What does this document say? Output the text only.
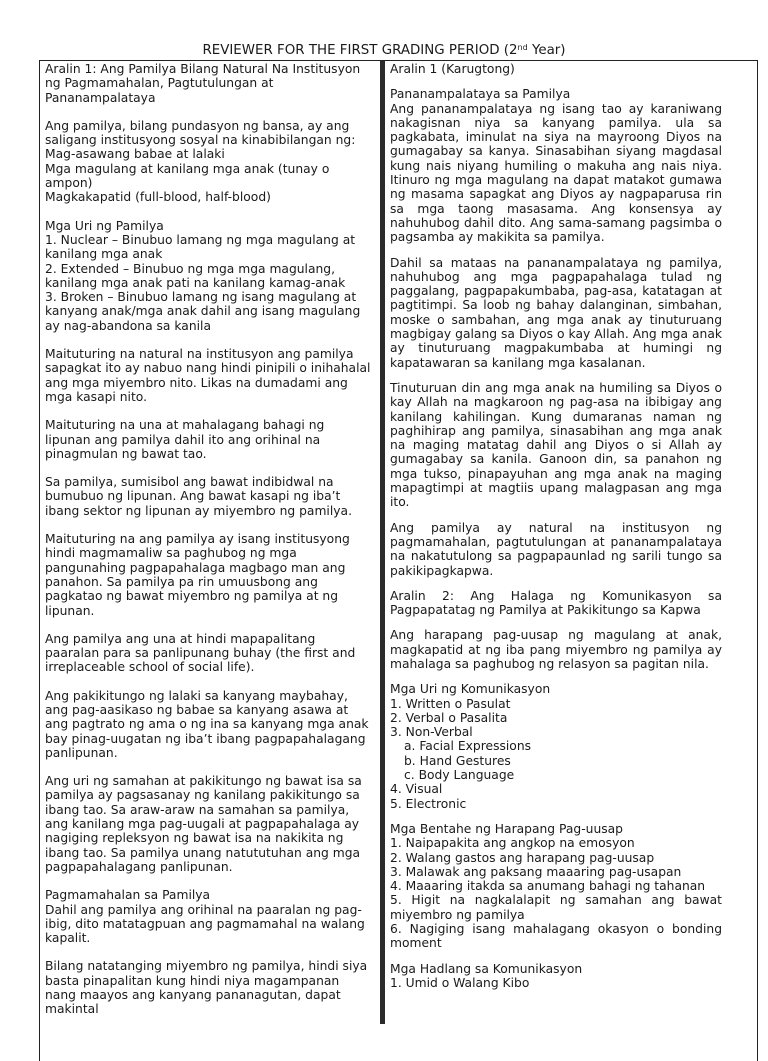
REVIEWER FOR THE FIRST GRADING PERIOD (2nd Year)
Aralin 1: Ang Pamilya Bilang Natural Na Institusyon ng Pagmamahalan, Pagtutulungan at Pananampalataya
Ang pamilya, bilang pundasyon ng bansa, ay ang saligang institusyong sosyal na kinabibilangan ng:
Mag-asawang babae at lalaki
Mga magulang at kanilang mga anak (tunay o ampon)
Magkakapatid (full-blood, half-blood)
Mga Uri ng Pamilya
1. Nuclear – Binubuo lamang ng mga magulang at kanilang mga anak
2. Extended – Binubuo ng mga mga magulang, kanilang mga anak pati na kanilang kamag-anak
3. Broken – Binubuo lamang ng isang magulang at kanyang anak/mga anak dahil ang isang magulang ay nag-abandona sa kanila
Maituturing na natural na institusyon ang pamilya sapagkat ito ay nabuo nang hindi pinipili o inihahalal ang mga miyembro nito. Likas na dumadami ang mga kasapi nito.
Maituturing na una at mahalagang bahagi ng lipunan ang pamilya dahil ito ang orihinal na pinagmulan ng bawat tao.
Sa pamilya, sumisibol ang bawat indibidwal na bumubuo ng lipunan. Ang bawat kasapi ng iba’t ibang sektor ng lipunan ay miyembro ng pamilya.
Maituturing na ang pamilya ay isang institusyong hindi magmamaliw sa paghubog ng mga pangunahing pagpapahalaga magbago man ang panahon. Sa pamilya pa rin umuusbong ang pagkatao ng bawat miyembro ng pamilya at ng lipunan.
Ang pamilya ang una at hindi mapapalitang paaralan para sa panlipunang buhay (the first and irreplaceable school of social life).
Ang pakikitungo ng lalaki sa kanyang maybahay, ang pag-aasikaso ng babae sa kanyang asawa at ang pagtrato ng ama o ng ina sa kanyang mga anak bay pinag-uugatan ng iba’t ibang pagpapahalagang panlipunan.
Ang uri ng samahan at pakikitungo ng bawat isa sa pamilya ay pagsasanay ng kanilang pakikitungo sa ibang tao. Sa araw-araw na samahan sa pamilya, ang kanilang mga pag-uugali at pagpapahalaga ay nagiging repleksyon ng bawat isa na nakikita ng ibang tao. Sa pamilya unang natututuhan ang mga pagpapahalagang panlipunan.
Pagmamahalan sa Pamilya
Dahil ang pamilya ang orihinal na paaralan ng pag-ibig, dito matatagpuan ang pagmamahal na walang kapalit.
Bilang natatanging miyembro ng pamilya, hindi siya basta pinapalitan kung hindi niya magampanan nang maayos ang kanyang pananagutan, dapat makintal
Aralin 1 (Karugtong)
Pananampalataya sa Pamilya
Ang pananampalataya ng isang tao ay karaniwang nakagisnan niya sa kanyang pamilya. ula sa pagkabata, iminulat na siya na mayroong Diyos na gumagabay sa kanya. Sinasabihan siyang magdasal kung nais niyang humiling o makuha ang nais niya. Itinuro ng mga magulang na dapat matakot gumawa ng masama sapagkat ang Diyos ay nagpaparusa rin sa mga taong masasama. Ang konsensya ay nahuhubog dahil dito. Ang sama-samang pagsimba o pagsamba ay makikita sa pamilya.
Dahil sa mataas na pananampalataya ng pamilya, nahuhubog ang mga pagpapahalaga tulad ng paggalang, pagpapakumbaba, pag-asa, katatagan at pagtitimpi. Sa loob ng bahay dalanginan, simbahan, moske o sambahan, ang mga anak ay tinuturuang magbigay galang sa Diyos o kay Allah. Ang mga anak ay tinuturuang magpakumbaba at humingi ng kapatawaran sa kanilang mga kasalanan.
Tinuturuan din ang mga anak na humiling sa Diyos o kay Allah na magkaroon ng pag-asa na ibibigay ang kanilang kahilingan. Kung dumaranas naman ng paghihirap ang pamilya, sinasabihan ang mga anak na maging matatag dahil ang Diyos o si Allah ay gumagabay sa kanila. Ganoon din, sa panahon ng mga tukso, pinapayuhan ang mga anak na maging mapagtimpi at magtiis upang malagpasan ang mga ito.
Ang pamilya ay natural na institusyon ng pagmamahalan, pagtutulungan at pananampalataya na nakatutulong sa pagpapaunlad ng sarili tungo sa pakikipagkapwa.
Aralin 2: Ang Halaga ng Komunikasyon sa Pagpapatatag ng Pamilya at Pakikitungo sa Kapwa
Ang harapang pag-uusap ng magulang at anak, magkapatid at ng iba pang miyembro ng pamilya ay mahalaga sa paghubog ng relasyon sa pagitan nila.
Mga Uri ng Komunikasyon
1. Written o Pasulat
2. Verbal o Pasalita
3. Non-Verbal
a. Facial Expressions
b. Hand Gestures
c. Body Language
4. Visual
5. Electronic
Mga Bentahe ng Harapang Pag-uusap
1. Naipapakita ang angkop na emosyon
2. Walang gastos ang harapang pag-uusap
3. Malawak ang paksang maaaring pag-usapan
4. Maaaring itakda sa anumang bahagi ng tahanan
5. Higit na nagkalalapit ng samahan ang bawat miyembro ng pamilya
6. Nagiging isang mahalagang okasyon o bonding moment
Mga Hadlang sa Komunikasyon
1. Umid o Walang Kibo
